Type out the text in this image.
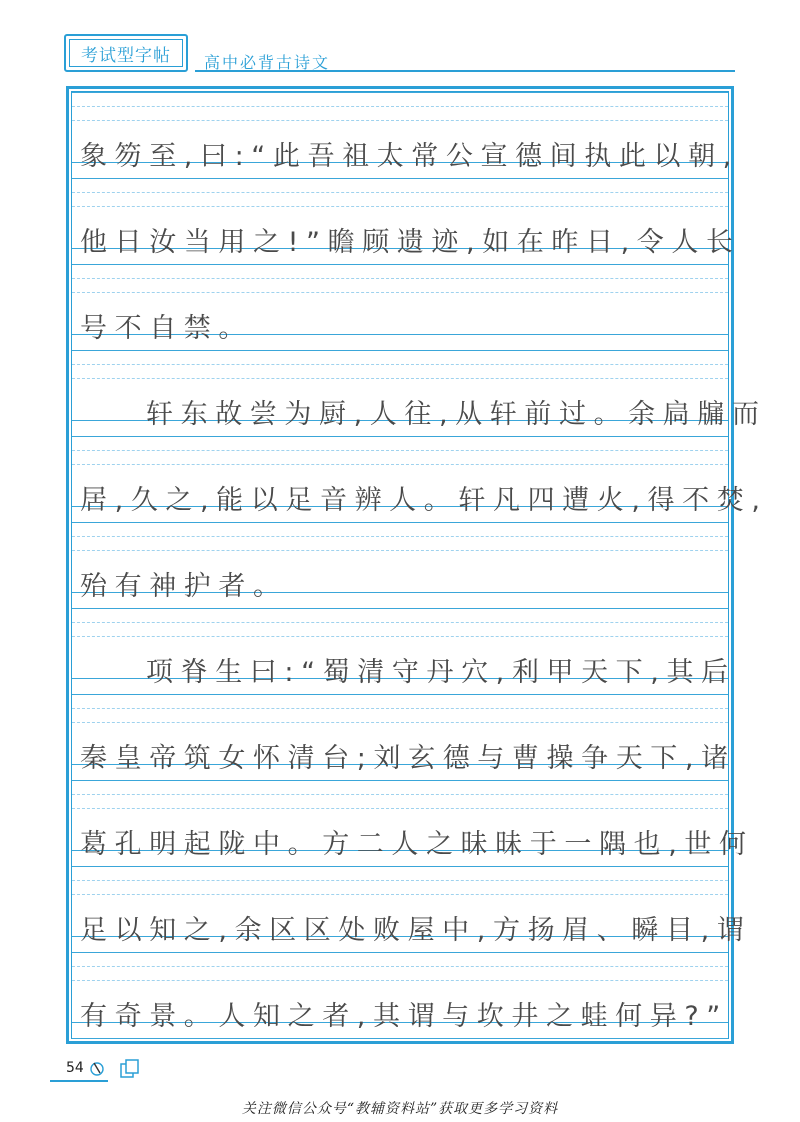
考试型字帖	高中必背古诗文
象笏至,曰:“此吾祖太常公宣德间执此以朝,
他日汝当用之!”瞻顾遗迹,如在昨日,令人长
号不自禁。
轩东故尝为厨,人往,从轩前过。余扃牖而
居,久之,能以足音辨人。轩凡四遭火,得不焚,
殆有神护者。
项脊生曰:“蜀清守丹穴,利甲天下,其后
秦皇帝筑女怀清台;刘玄德与曹操争天下,诸
葛孔明起陇中。方二人之昧昧于一隅也,世何
足以知之,余区区处败屋中,方扬眉、瞬目,谓
有奇景。人知之者,其谓与坎井之蛙何异?”
54
关注微信公众号“教辅资料站”获取更多学习资料
